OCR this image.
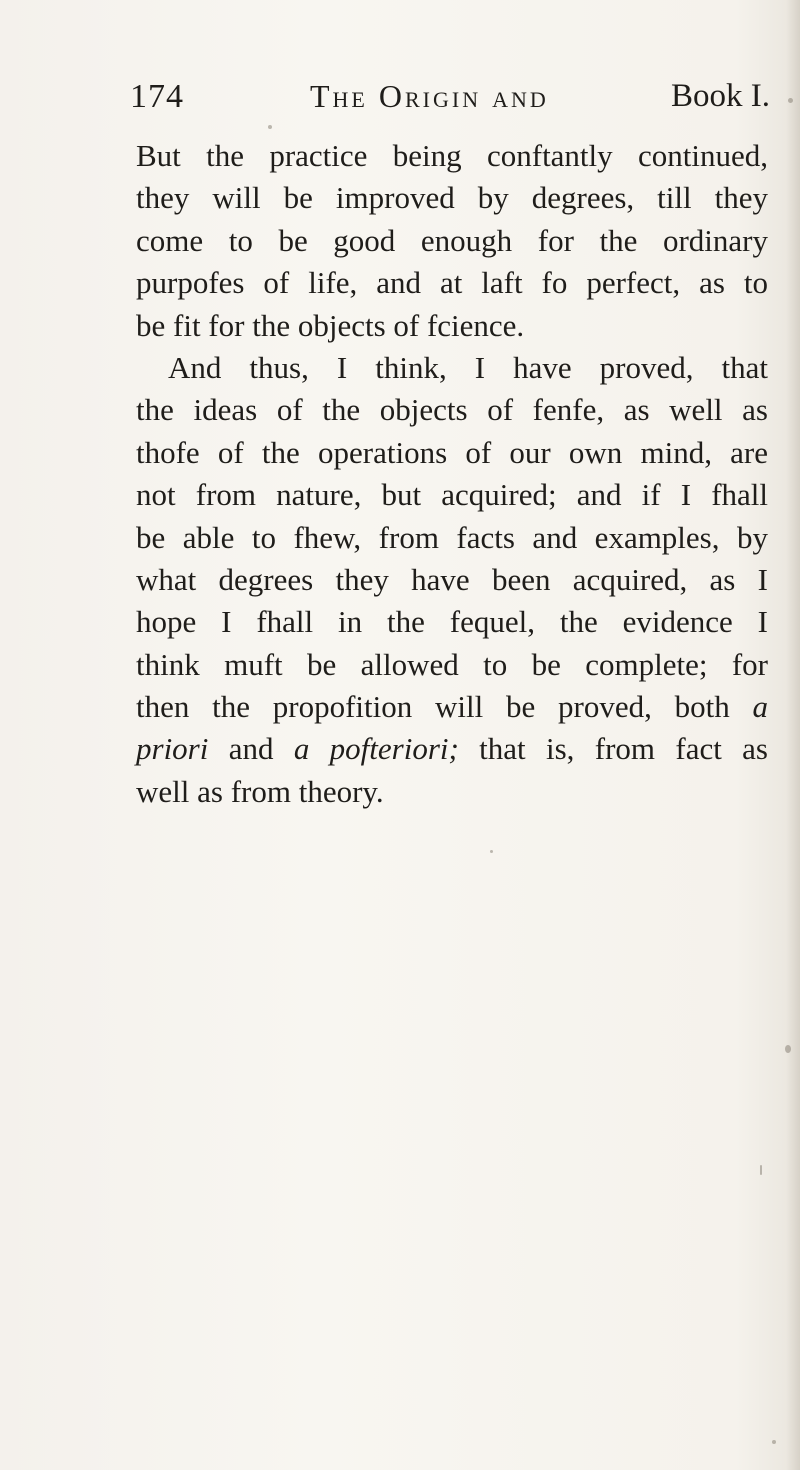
174	The Origin and	Book I.
But the practice being conftantly continued,
they will be improved by degrees, till they
come to be good enough for the ordinary
purpofes of life, and at laft fo perfect, as to
be fit for the objects of fcience.
And thus, I think, I have proved, that
the ideas of the objects of fenfe, as well as
thofe of the operations of our own mind, are
not from nature, but acquired; and if I fhall
be able to fhew, from facts and examples, by
what degrees they have been acquired, as I
hope I fhall in the fequel, the evidence I
think muft be allowed to be complete; for
then the propofition will be proved, both a
priori and a pofteriori; that is, from fact as
well as from theory.
